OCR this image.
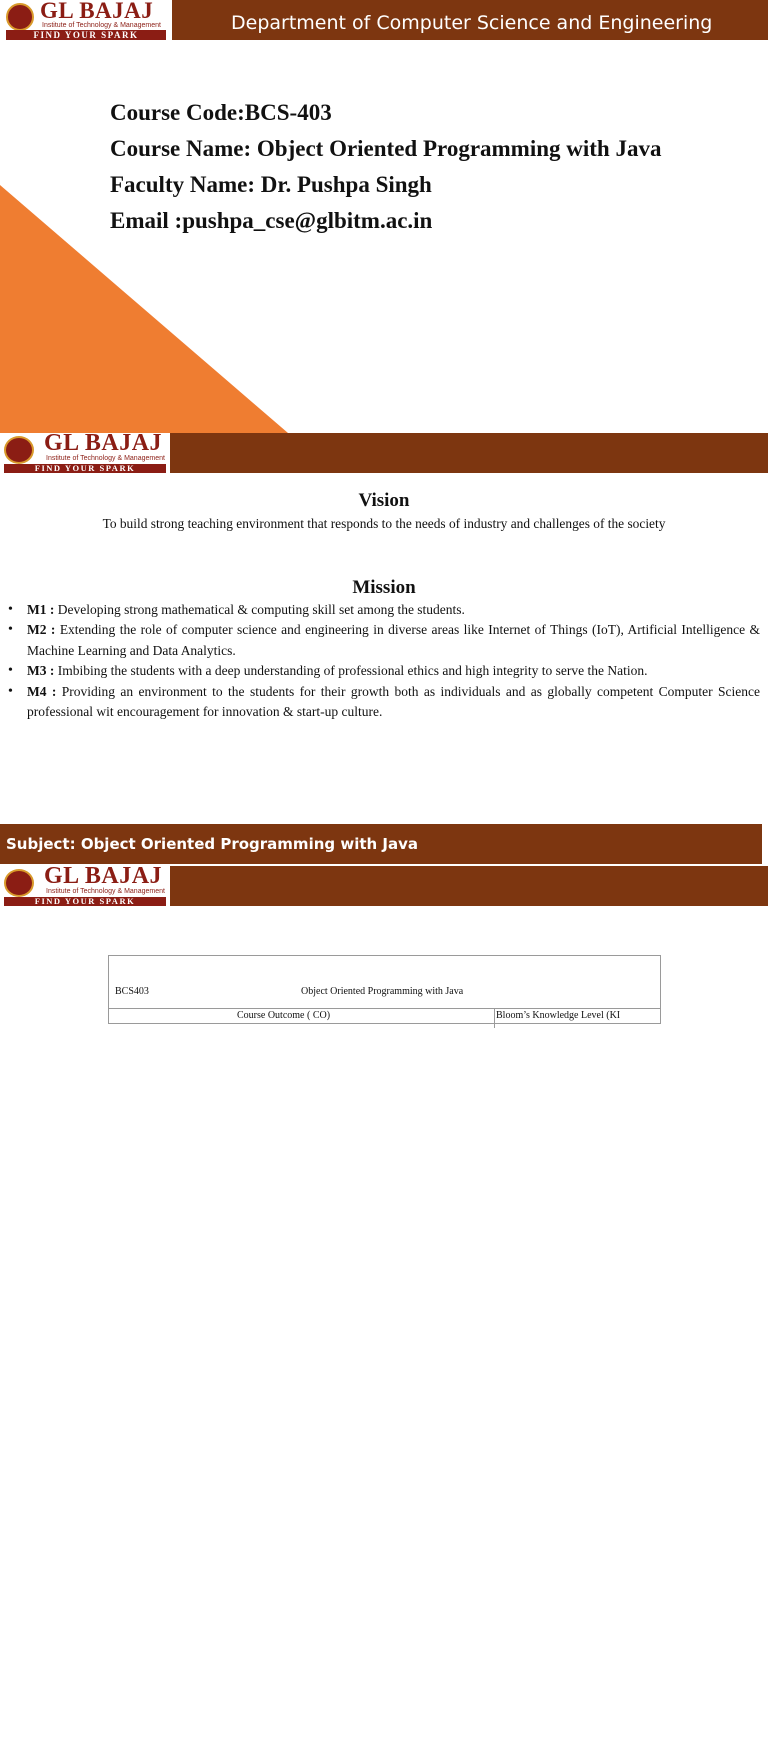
Department of Computer Science and Engineering
GL BAJAJ
Institute of Technology & Management
FIND YOUR SPARK
Course Code:BCS-403
Course Name: Object Oriented Programming with Java
Faculty Name: Dr. Pushpa Singh
Email :pushpa_cse@glbitm.ac.in
GL BAJAJ
Institute of Technology & Management
FIND YOUR SPARK
Vision
To build strong teaching environment that responds to the needs of industry and challenges of the society
Mission
• M1 : Developing strong mathematical & computing skill set among the students.
• M2 : Extending the role of computer science and engineering in diverse areas like Internet of Things (IoT), Artificial Intelligence & Machine Learning and Data Analytics.
• M3 : Imbibing the students with a deep understanding of professional ethics and high integrity to serve the Nation.
• M4 : Providing an environment to the students for their growth both as individuals and as globally competent Computer Science professional wit encouragement for innovation & start-up culture.
Subject: Object Oriented Programming with Java
Course Outcome
GL BAJAJ
Institute of Technology & Management
FIND YOUR SPARK
BCS403	Object Oriented Programming with Java
Course Outcome ( CO)	Bloom’s Knowledge Level (KI
